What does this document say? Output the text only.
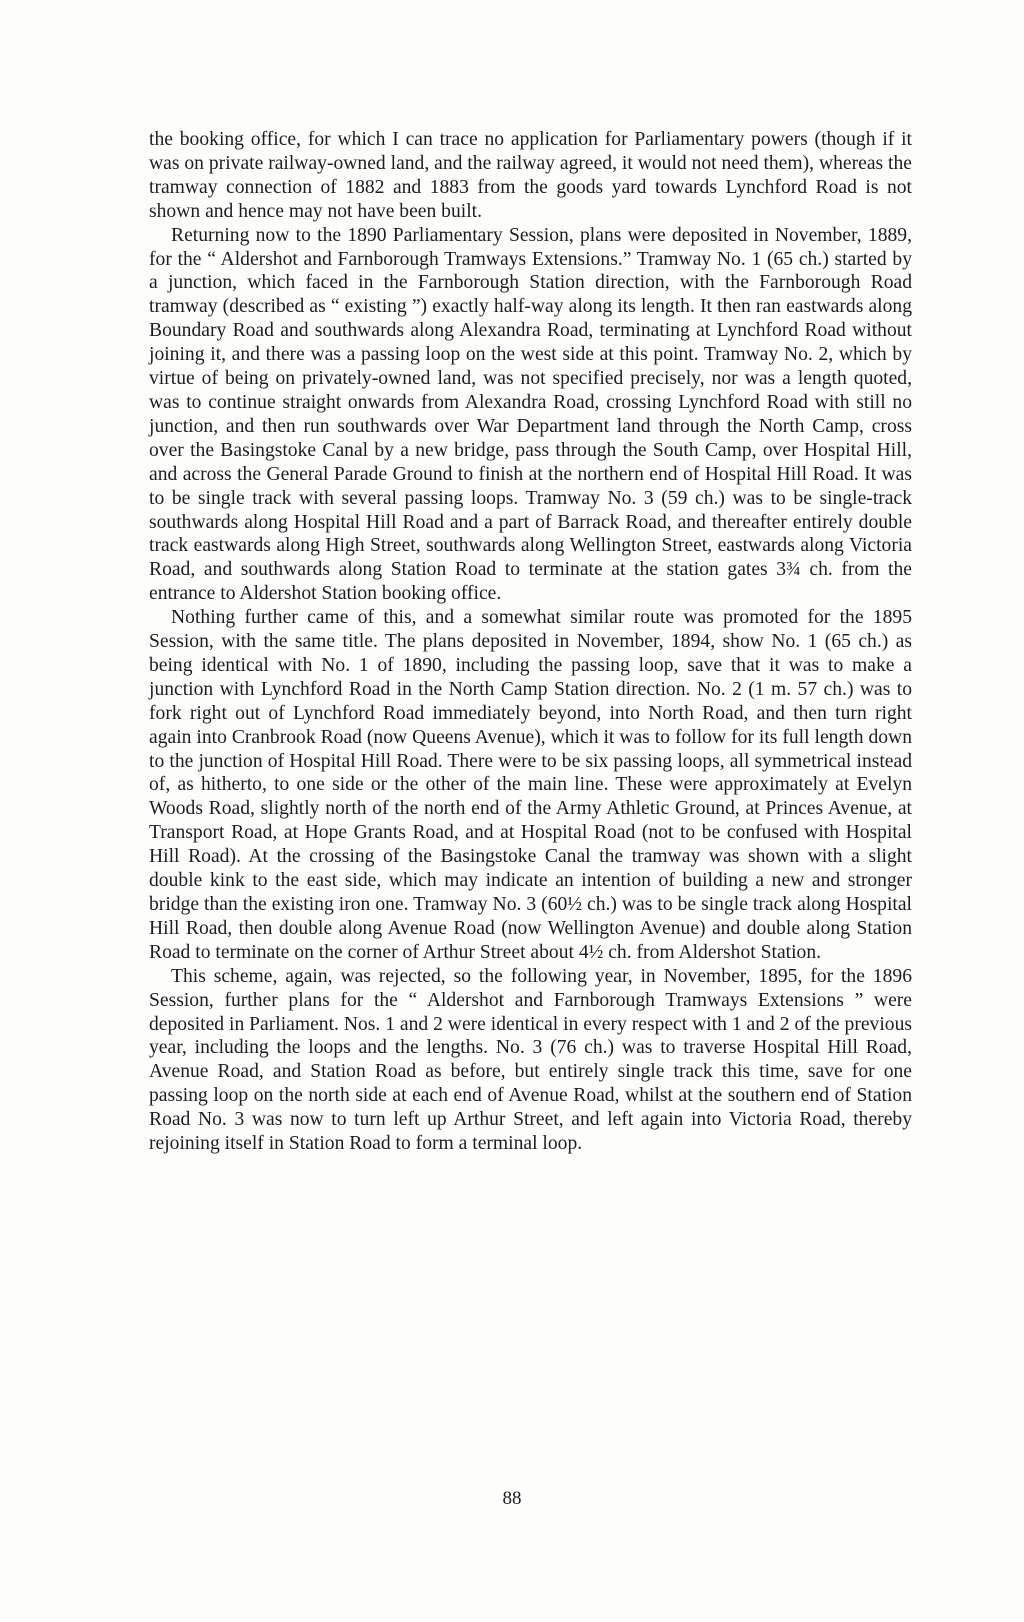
the booking office, for which I can trace no application for Parliamentary powers (though if it was on private railway-owned land, and the railway agreed, it would not need them), whereas the tramway connection of 1882 and 1883 from the goods yard towards Lynchford Road is not shown and hence may not have been built.

Returning now to the 1890 Parliamentary Session, plans were deposited in November, 1889, for the “ Aldershot and Farnborough Tramways Extensions.” Tramway No. 1 (65 ch.) started by a junction, which faced in the Farnborough Station direction, with the Farnborough Road tramway (described as “ existing ”) exactly half-way along its length. It then ran eastwards along Boundary Road and southwards along Alexandra Road, terminating at Lynchford Road without joining it, and there was a passing loop on the west side at this point. Tramway No. 2, which by virtue of being on privately-owned land, was not specified precisely, nor was a length quoted, was to continue straight onwards from Alexandra Road, crossing Lynchford Road with still no junction, and then run southwards over War Department land through the North Camp, cross over the Basingstoke Canal by a new bridge, pass through the South Camp, over Hospital Hill, and across the General Parade Ground to finish at the northern end of Hospital Hill Road. It was to be single track with several passing loops. Tramway No. 3 (59 ch.) was to be single-track southwards along Hospital Hill Road and a part of Barrack Road, and thereafter entirely double track eastwards along High Street, southwards along Wellington Street, eastwards along Victoria Road, and southwards along Station Road to terminate at the station gates 3¾ ch. from the entrance to Aldershot Station booking office.

Nothing further came of this, and a somewhat similar route was promoted for the 1895 Session, with the same title. The plans deposited in November, 1894, show No. 1 (65 ch.) as being identical with No. 1 of 1890, including the passing loop, save that it was to make a junction with Lynchford Road in the North Camp Station direction. No. 2 (1 m. 57 ch.) was to fork right out of Lynchford Road immediately beyond, into North Road, and then turn right again into Cranbrook Road (now Queens Avenue), which it was to follow for its full length down to the junction of Hospital Hill Road. There were to be six passing loops, all symmetrical instead of, as hitherto, to one side or the other of the main line. These were approximately at Evelyn Woods Road, slightly north of the north end of the Army Athletic Ground, at Princes Avenue, at Transport Road, at Hope Grants Road, and at Hospital Road (not to be confused with Hospital Hill Road). At the crossing of the Basingstoke Canal the tramway was shown with a slight double kink to the east side, which may indicate an intention of building a new and stronger bridge than the existing iron one. Tramway No. 3 (60½ ch.) was to be single track along Hospital Hill Road, then double along Avenue Road (now Wellington Avenue) and double along Station Road to terminate on the corner of Arthur Street about 4½ ch. from Aldershot Station.

This scheme, again, was rejected, so the following year, in November, 1895, for the 1896 Session, further plans for the “ Aldershot and Farnborough Tramways Extensions ” were deposited in Parliament. Nos. 1 and 2 were identical in every respect with 1 and 2 of the previous year, including the loops and the lengths. No. 3 (76 ch.) was to traverse Hospital Hill Road, Avenue Road, and Station Road as before, but entirely single track this time, save for one passing loop on the north side at each end of Avenue Road, whilst at the southern end of Station Road No. 3 was now to turn left up Arthur Street, and left again into Victoria Road, thereby rejoining itself in Station Road to form a terminal loop.

88
